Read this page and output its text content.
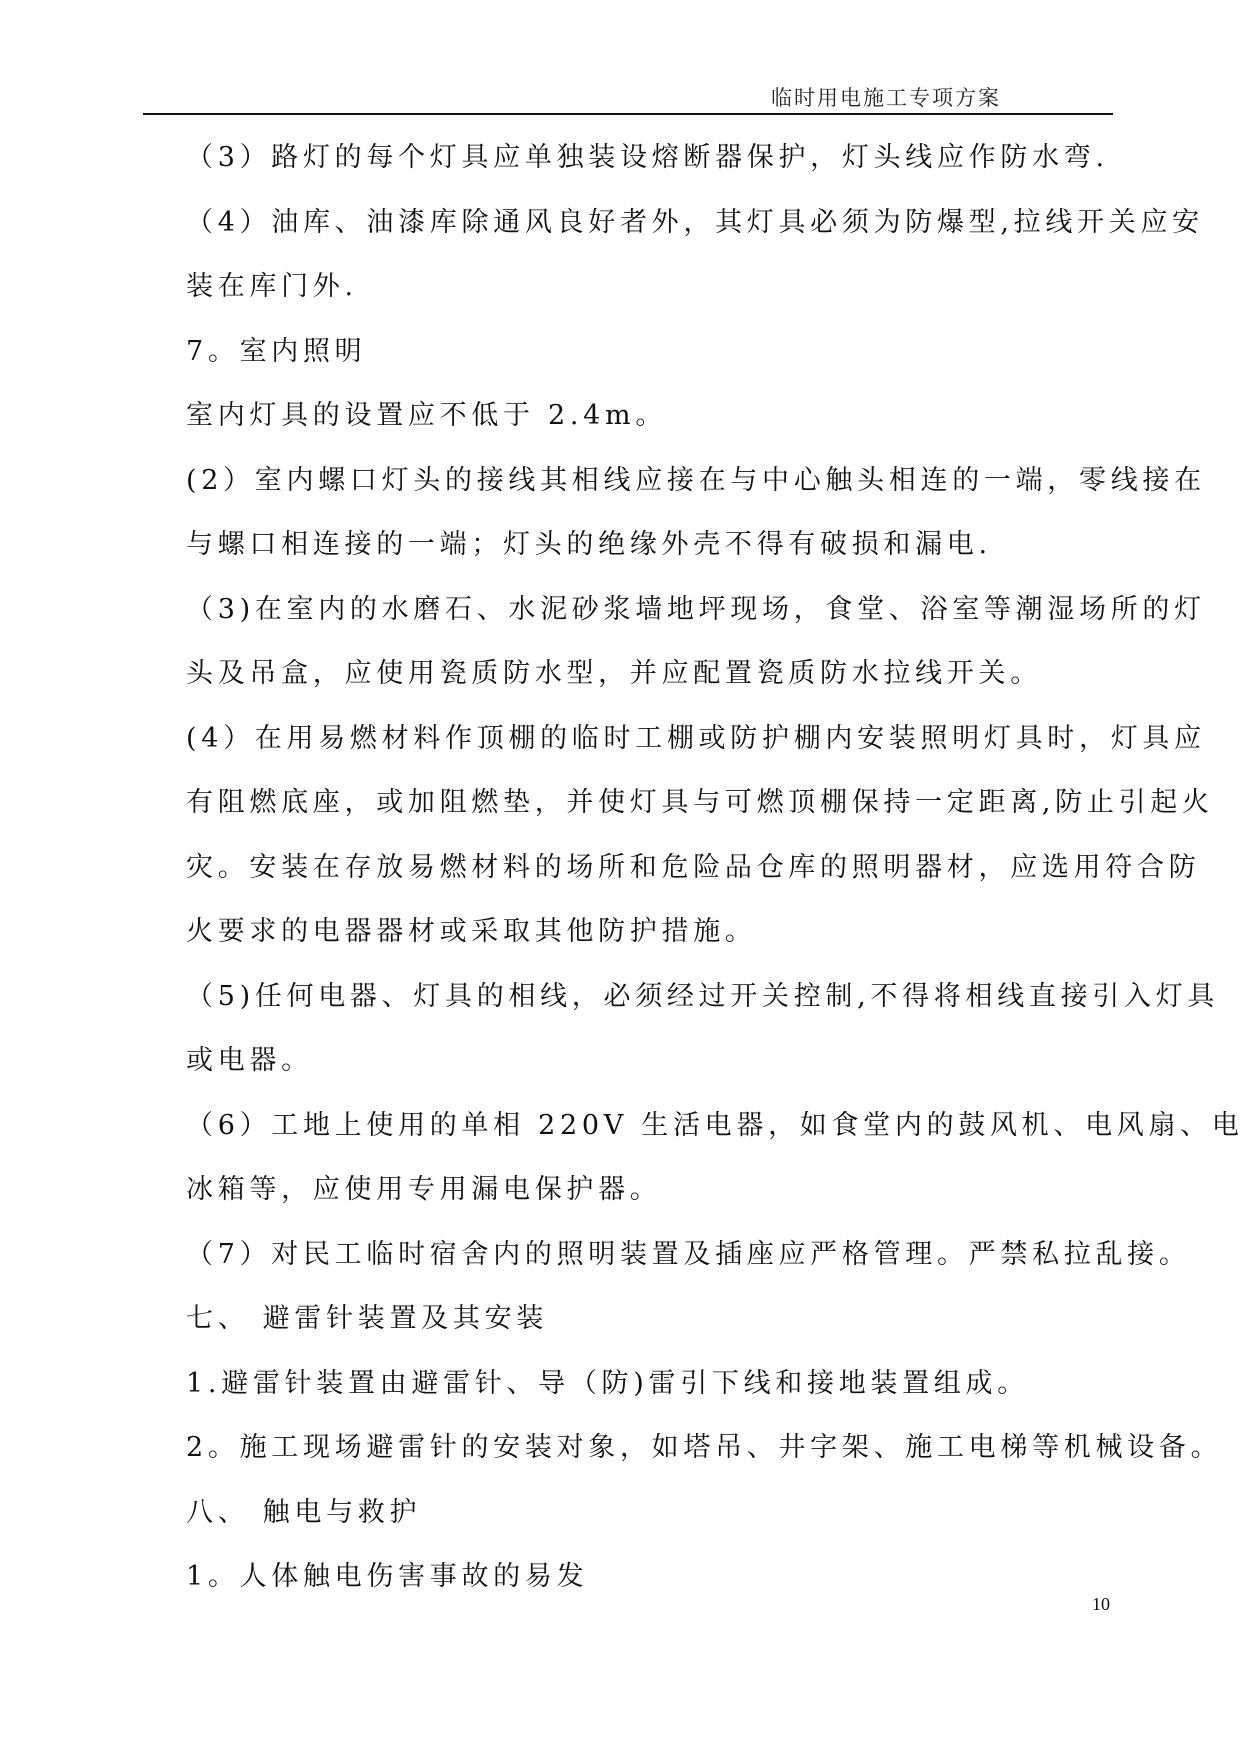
临时用电施工专项方案
（3）路灯的每个灯具应单独装设熔断器保护，灯头线应作防水弯.
（4）油库、油漆库除通风良好者外，其灯具必须为防爆型,拉线开关应安
装在库门外.
7。室内照明
室内灯具的设置应不低于 2.4m。
(2）室内螺口灯头的接线其相线应接在与中心触头相连的一端，零线接在
与螺口相连接的一端；灯头的绝缘外壳不得有破损和漏电.
（3)在室内的水磨石、水泥砂浆墙地坪现场，食堂、浴室等潮湿场所的灯
头及吊盒，应使用瓷质防水型，并应配置瓷质防水拉线开关。
(4）在用易燃材料作顶棚的临时工棚或防护棚内安装照明灯具时，灯具应
有阻燃底座，或加阻燃垫，并使灯具与可燃顶棚保持一定距离,防止引起火
灾。安装在存放易燃材料的场所和危险品仓库的照明器材，应选用符合防
火要求的电器器材或采取其他防护措施。
（5)任何电器、灯具的相线，必须经过开关控制,不得将相线直接引入灯具
或电器。
（6）工地上使用的单相 220V 生活电器，如食堂内的鼓风机、电风扇、电
冰箱等，应使用专用漏电保护器。
（7）对民工临时宿舍内的照明装置及插座应严格管理。严禁私拉乱接。
七、 避雷针装置及其安装
1.避雷针装置由避雷针、导（防)雷引下线和接地装置组成。
2。施工现场避雷针的安装对象，如塔吊、井字架、施工电梯等机械设备。
八、 触电与救护
1。人体触电伤害事故的易发
10
